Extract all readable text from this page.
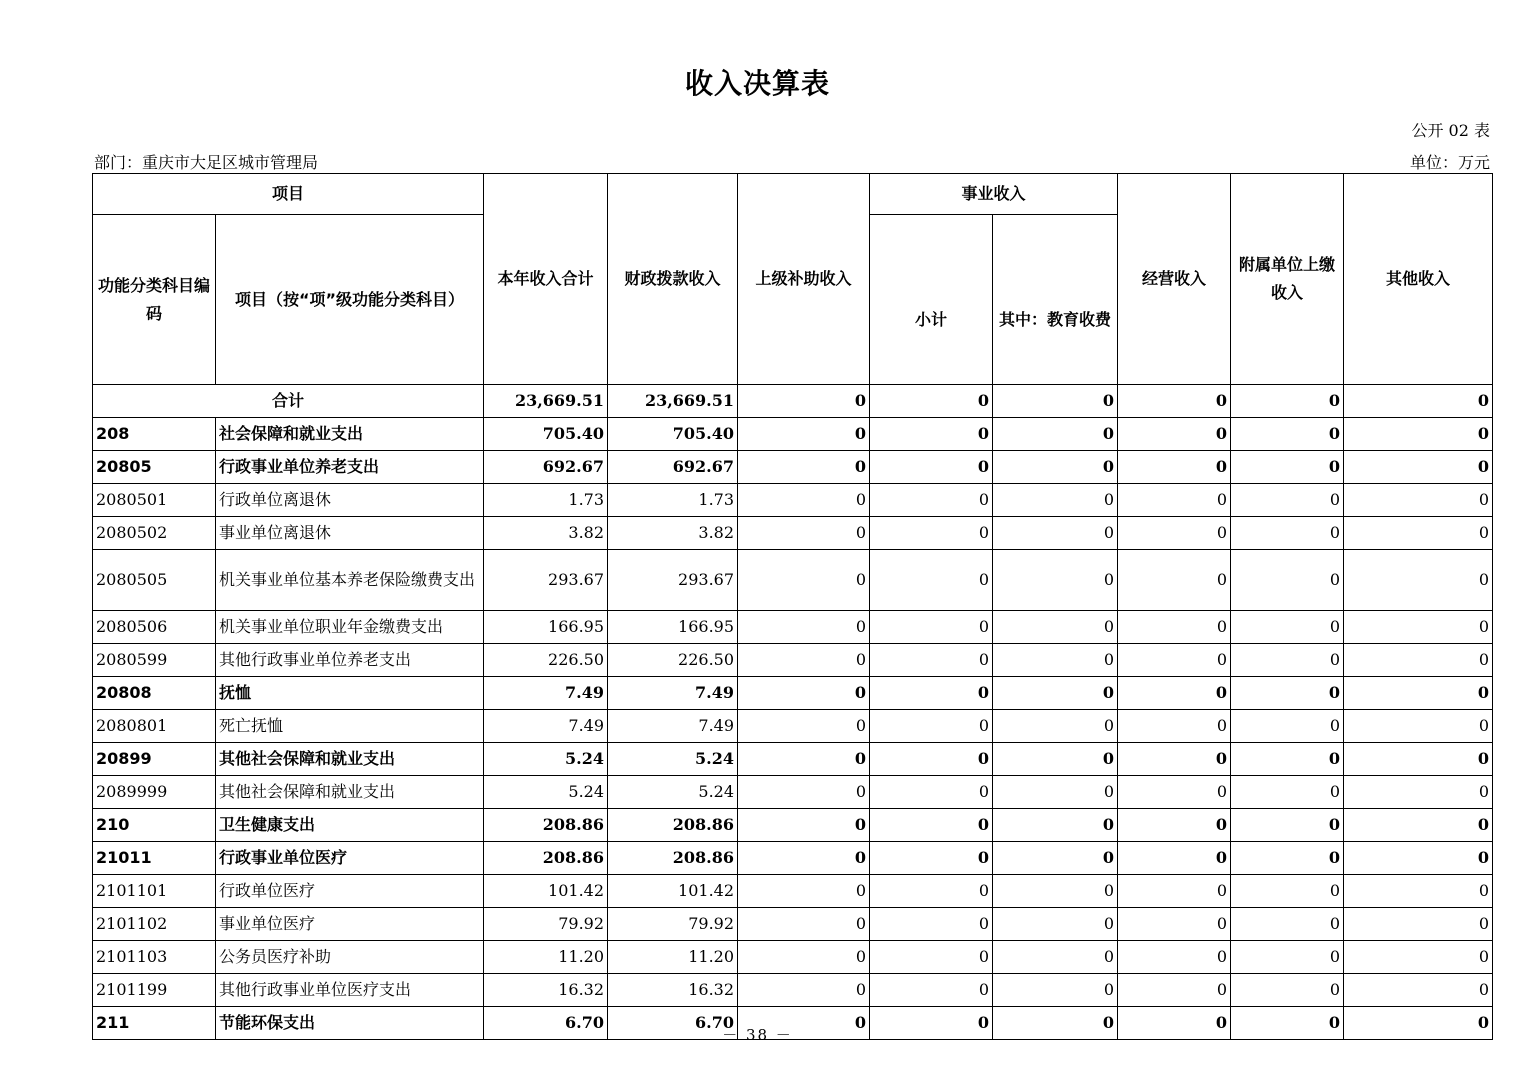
收入决算表
公开 02 表
部门：重庆市大足区城市管理局	单位：万元
项目		本年收入合计	财政拨款收入	上级补助收入	事业收入		经营收入	附属单位上缴收入	其他收入
功能分类科目编码	项目（按“项”级功能分类科目）				小计	其中：教育收费			
合计		23,669.51	23,669.51	0	0	0	0	0	0
208	社会保障和就业支出	705.40	705.40	0	0	0	0	0	0
20805	行政事业单位养老支出	692.67	692.67	0	0	0	0	0	0
2080501	行政单位离退休	1.73	1.73	0	0	0	0	0	0
2080502	事业单位离退休	3.82	3.82	0	0	0	0	0	0
2080505	机关事业单位基本养老保险缴费支出	293.67	293.67	0	0	0	0	0	0
2080506	机关事业单位职业年金缴费支出	166.95	166.95	0	0	0	0	0	0
2080599	其他行政事业单位养老支出	226.50	226.50	0	0	0	0	0	0
20808	抚恤	7.49	7.49	0	0	0	0	0	0
2080801	死亡抚恤	7.49	7.49	0	0	0	0	0	0
20899	其他社会保障和就业支出	5.24	5.24	0	0	0	0	0	0
2089999	其他社会保障和就业支出	5.24	5.24	0	0	0	0	0	0
210	卫生健康支出	208.86	208.86	0	0	0	0	0	0
21011	行政事业单位医疗	208.86	208.86	0	0	0	0	0	0
2101101	行政单位医疗	101.42	101.42	0	0	0	0	0	0
2101102	事业单位医疗	79.92	79.92	0	0	0	0	0	0
2101103	公务员医疗补助	11.20	11.20	0	0	0	0	0	0
2101199	其他行政事业单位医疗支出	16.32	16.32	0	0	0	0	0	0
211	节能环保支出	6.70	6.70	0	0	0	0	0	0
－ 38 －
